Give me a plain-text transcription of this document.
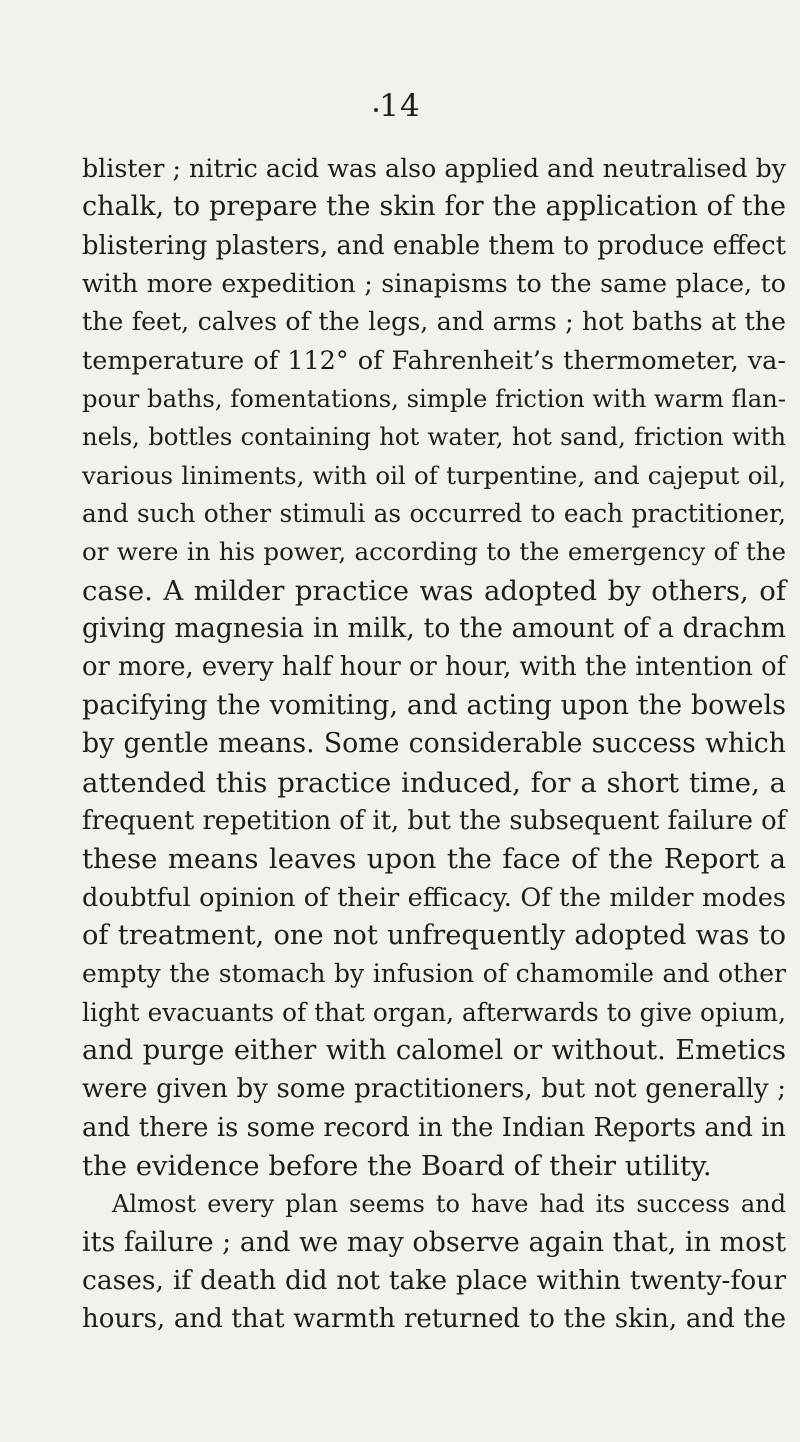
14
blister ; nitric acid was also applied and neutralised by
chalk, to prepare the skin for the application of the
blistering plasters, and enable them to produce effect
with more expedition ; sinapisms to the same place, to
the feet, calves of the legs, and arms ; hot baths at the
temperature of 112° of Fahrenheit’s thermometer, va-
pour baths, fomentations, simple friction with warm flan-
nels, bottles containing hot water, hot sand, friction with
various liniments, with oil of turpentine, and cajeput oil,
and such other stimuli as occurred to each practitioner,
or were in his power, according to the emergency of the
case. A milder practice was adopted by others, of
giving magnesia in milk, to the amount of a drachm
or more, every half hour or hour, with the intention of
pacifying the vomiting, and acting upon the bowels
by gentle means. Some considerable success which
attended this practice induced, for a short time, a
frequent repetition of it, but the subsequent failure of
these means leaves upon the face of the Report a
doubtful opinion of their efficacy. Of the milder modes
of treatment, one not unfrequently adopted was to
empty the stomach by infusion of chamomile and other
light evacuants of that organ, afterwards to give opium,
and purge either with calomel or without. Emetics
were given by some practitioners, but not generally ;
and there is some record in the Indian Reports and in
the evidence before the Board of their utility.
Almost every plan seems to have had its success and
its failure ; and we may observe again that, in most
cases, if death did not take place within twenty-four
hours, and that warmth returned to the skin, and the
